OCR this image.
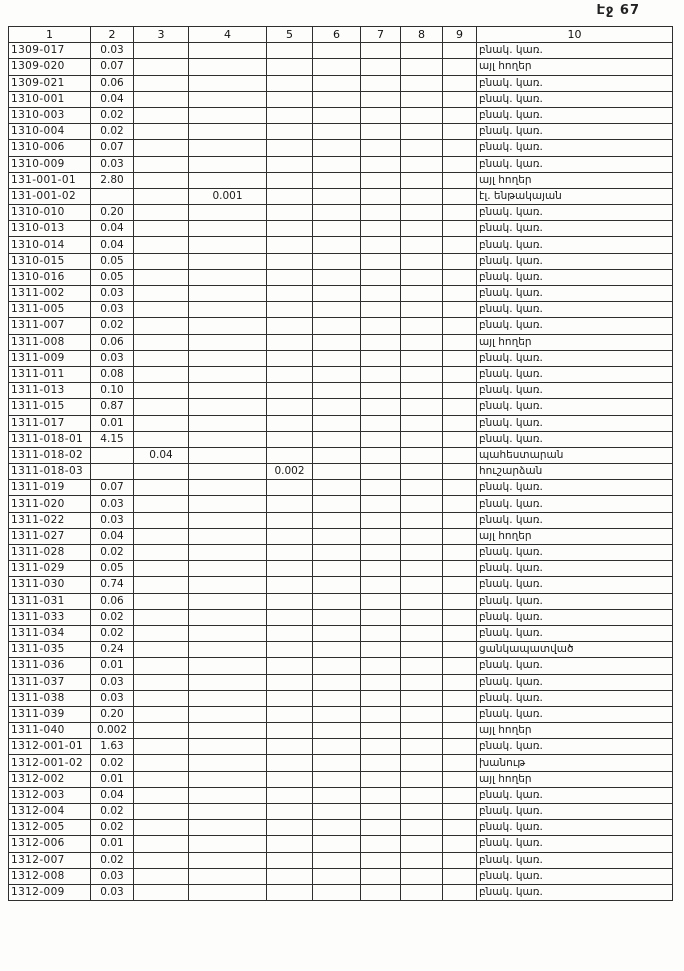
Էջ 67
1	2	3	4	5	6	7	8	9	10
1309-017	0.03								բնակ. կառ.
1309-020	0.07								այլ հողեր
1309-021	0.06								բնակ. կառ.
1310-001	0.04								բնակ. կառ.
1310-003	0.02								բնակ. կառ.
1310-004	0.02								բնակ. կառ.
1310-006	0.07								բնակ. կառ.
1310-009	0.03								բնակ. կառ.
131-001-01	2.80								այլ հողեր
131-001-02			0.001						էլ. ենթակայան
1310-010	0.20								բնակ. կառ.
1310-013	0.04								բնակ. կառ.
1310-014	0.04								բնակ. կառ.
1310-015	0.05								բնակ. կառ.
1310-016	0.05								բնակ. կառ.
1311-002	0.03								բնակ. կառ.
1311-005	0.03								բնակ. կառ.
1311-007	0.02								բնակ. կառ.
1311-008	0.06								այլ հողեր
1311-009	0.03								բնակ. կառ.
1311-011	0.08								բնակ. կառ.
1311-013	0.10								բնակ. կառ.
1311-015	0.87								բնակ. կառ.
1311-017	0.01								բնակ. կառ.
1311-018-01	4.15								բնակ. կառ.
1311-018-02		0.04							պահեստարան
1311-018-03				0.002					հուշարձան
1311-019	0.07								բնակ. կառ.
1311-020	0.03								բնակ. կառ.
1311-022	0.03								բնակ. կառ.
1311-027	0.04								այլ հողեր
1311-028	0.02								բնակ. կառ.
1311-029	0.05								բնակ. կառ.
1311-030	0.74								բնակ. կառ.
1311-031	0.06								բնակ. կառ.
1311-033	0.02								բնակ. կառ.
1311-034	0.02								բնակ. կառ.
1311-035	0.24								ցանկապատված
1311-036	0.01								բնակ. կառ.
1311-037	0.03								բնակ. կառ.
1311-038	0.03								բնակ. կառ.
1311-039	0.20								բնակ. կառ.
1311-040	0.002								այլ հողեր
1312-001-01	1.63								բնակ. կառ.
1312-001-02	0.02								խանութ
1312-002	0.01								այլ հողեր
1312-003	0.04								բնակ. կառ.
1312-004	0.02								բնակ. կառ.
1312-005	0.02								բնակ. կառ.
1312-006	0.01								բնակ. կառ.
1312-007	0.02								բնակ. կառ.
1312-008	0.03								բնակ. կառ.
1312-009	0.03								բնակ. կառ.
